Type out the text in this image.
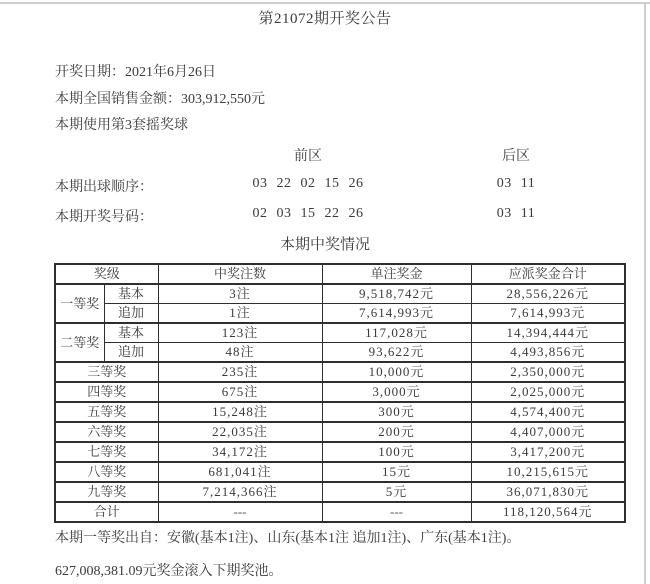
第21072期开奖公告
开奖日期：2021年6月26日
本期全国销售金额：303,912,550元
本期使用第3套摇奖球
前区	后区
本期出球顺序：	03 22 02 15 26	03 11
本期开奖号码：	02 03 15 22 26	03 11
本期中奖情况
奖级		中奖注数	单注奖金	应派奖金合计
一等奖	基本	3注	9,518,742元	28,556,226元
	追加	1注	7,614,993元	7,614,993元
二等奖	基本	123注	117,028元	14,394,444元
	追加	48注	93,622元	4,493,856元
三等奖		235注	10,000元	2,350,000元
四等奖		675注	3,000元	2,025,000元
五等奖		15,248注	300元	4,574,400元
六等奖		22,035注	200元	4,407,000元
七等奖		34,172注	100元	3,417,200元
八等奖		681,041注	15元	10,215,615元
九等奖		7,214,366注	5元	36,071,830元
合计		---	---	118,120,564元
本期一等奖出自：安徽(基本1注)、山东(基本1注 追加1注)、广东(基本1注)。
627,008,381.09元奖金滚入下期奖池。
